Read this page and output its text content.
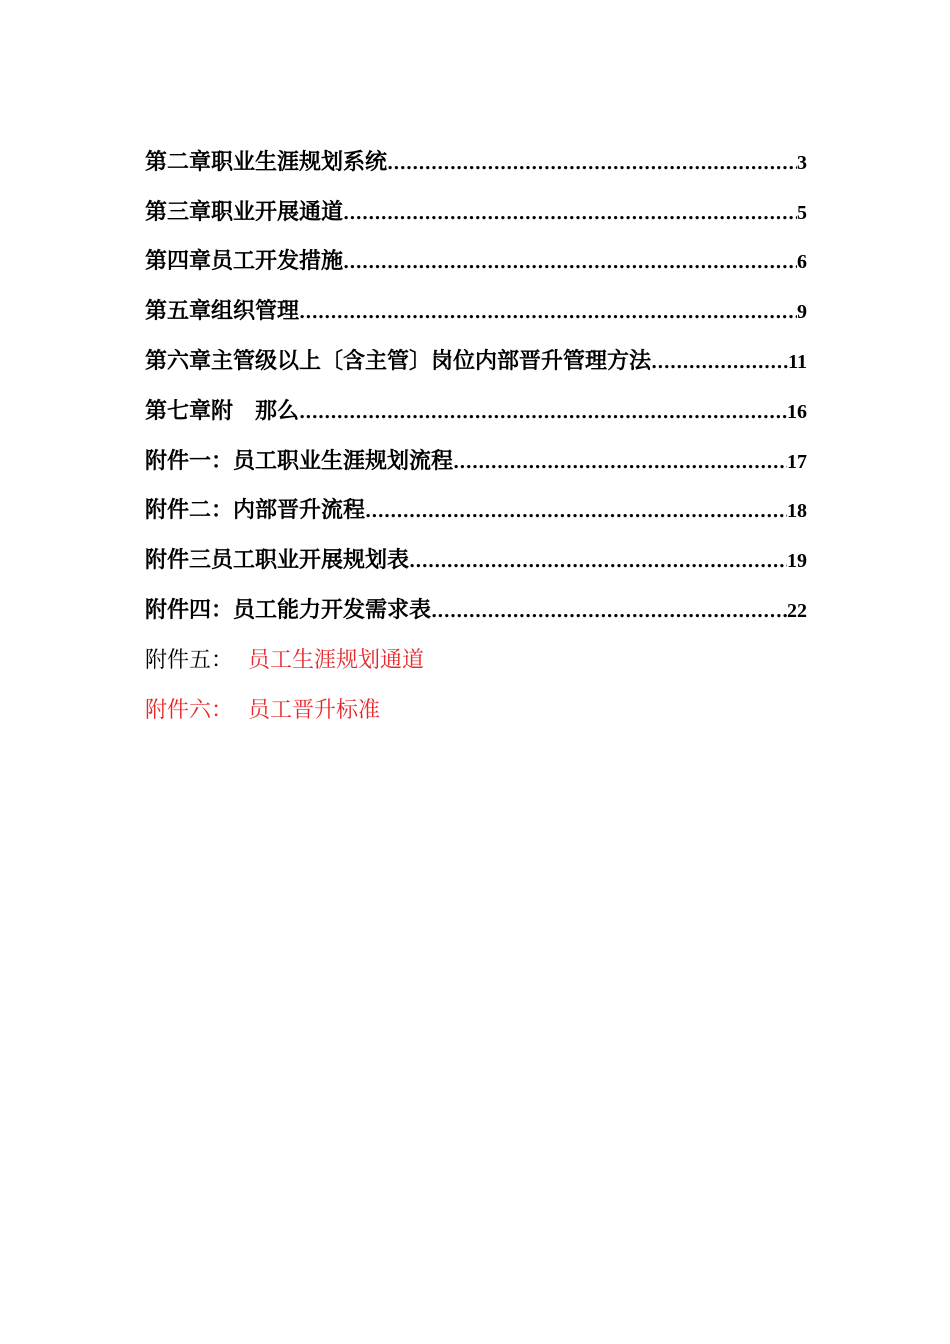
第二章 职业生涯规划系统 .....	3
第三章 职业开展通道 .....	5
第四章 员工开发措施 .....	6
第五章 组织管理 .....	9
第六章 主管级以上〔含主管〕岗位内部晋升管理方法 .....	11
第七章 附　那么 .....	16
附件一： 员工职业生涯规划流程 .....	17
附件二： 内部晋升流程 .....	18
附件三 员工职业开展规划表 .....	19
附件四： 员工能力开发需求表 .....	22
附件五： 员工生涯规划通道
附件六： 员工晋升标准
